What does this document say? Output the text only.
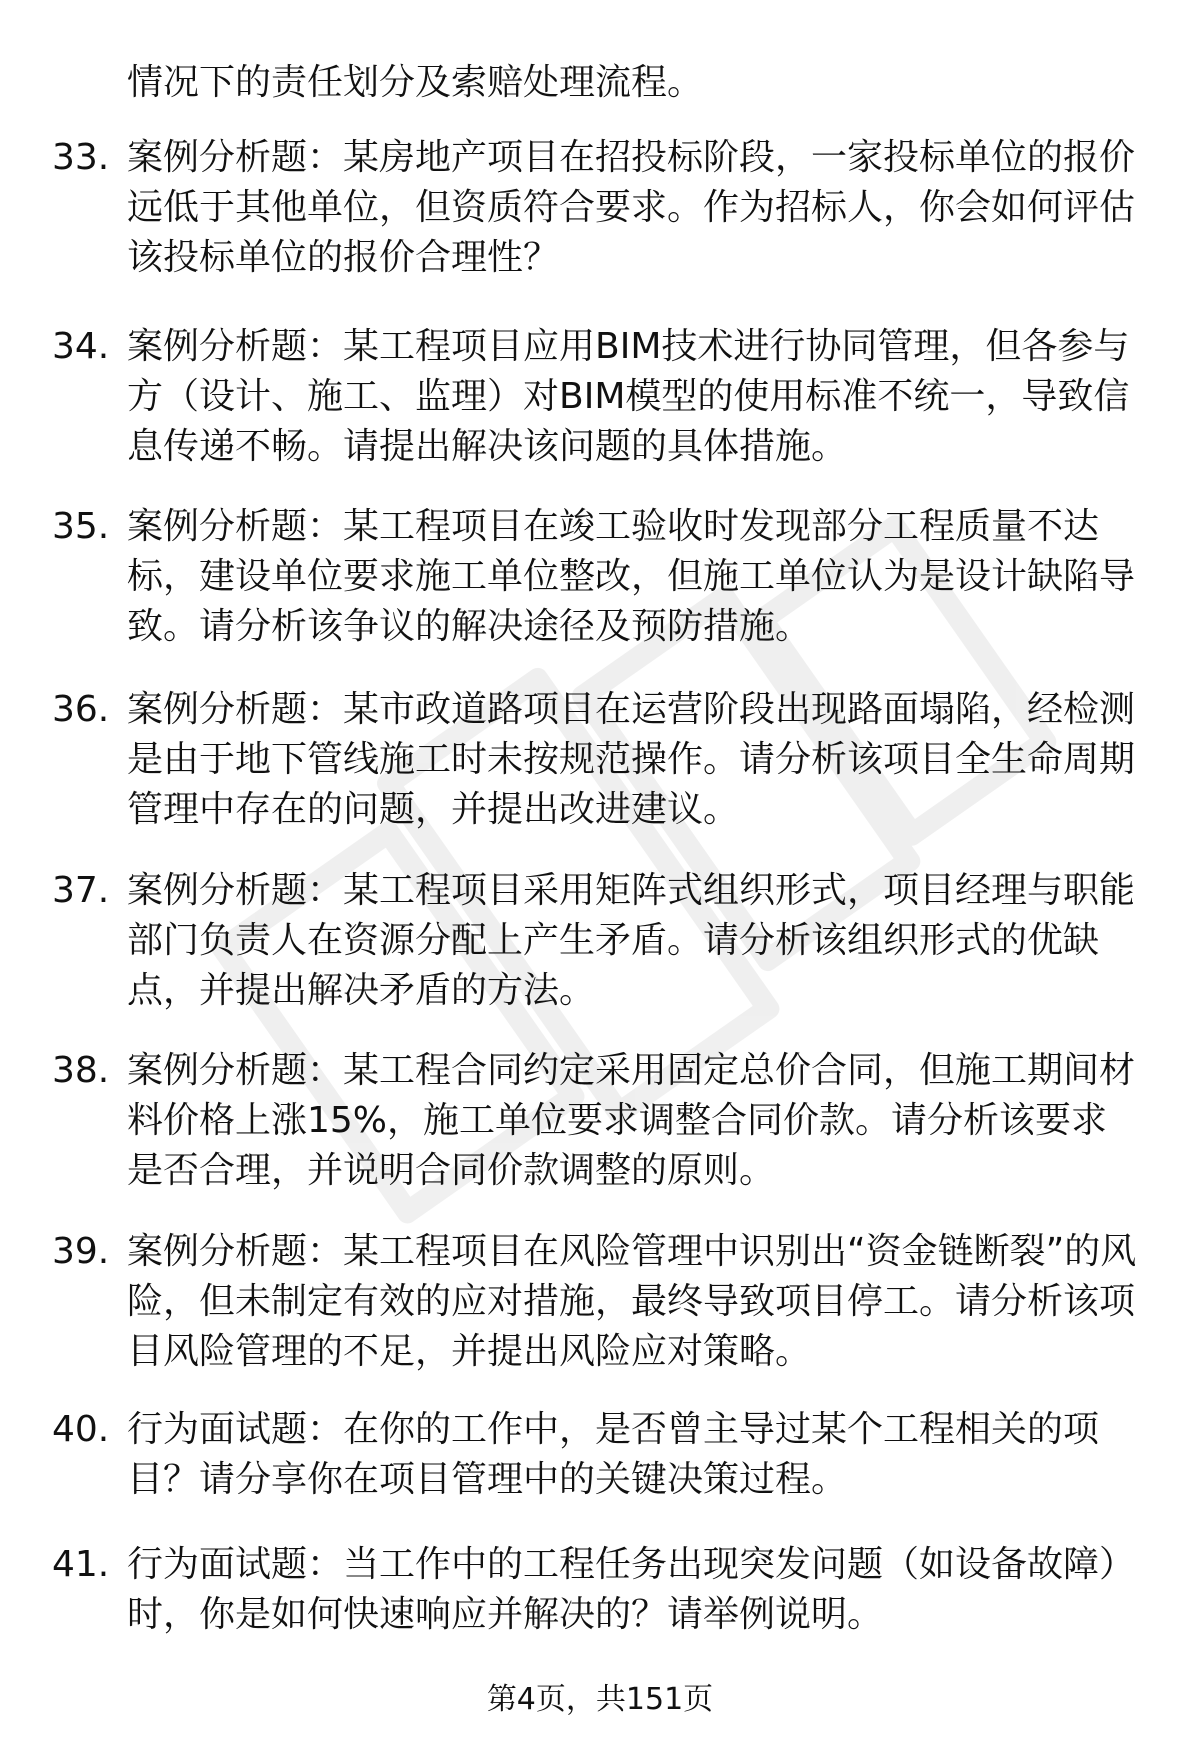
情况下的责任划分及索赔处理流程。
33. 案例分析题：某房地产项目在招投标阶段，一家投标单位的报价远低于其他单位，但资质符合要求。作为招标人，你会如何评估该投标单位的报价合理性？
34. 案例分析题：某工程项目应用BIM技术进行协同管理，但各参与方（设计、施工、监理）对BIM模型的使用标准不统一，导致信息传递不畅。请提出解决该问题的具体措施。
35. 案例分析题：某工程项目在竣工验收时发现部分工程质量不达标，建设单位要求施工单位整改，但施工单位认为是设计缺陷导致。请分析该争议的解决途径及预防措施。
36. 案例分析题：某市政道路项目在运营阶段出现路面塌陷，经检测是由于地下管线施工时未按规范操作。请分析该项目全生命周期管理中存在的问题，并提出改进建议。
37. 案例分析题：某工程项目采用矩阵式组织形式，项目经理与职能部门负责人在资源分配上产生矛盾。请分析该组织形式的优缺点，并提出解决矛盾的方法。
38. 案例分析题：某工程合同约定采用固定总价合同，但施工期间材料价格上涨15%，施工单位要求调整合同价款。请分析该要求是否合理，并说明合同价款调整的原则。
39. 案例分析题：某工程项目在风险管理中识别出“资金链断裂”的风险，但未制定有效的应对措施，最终导致项目停工。请分析该项目风险管理的不足，并提出风险应对策略。
40. 行为面试题：在你的工作中，是否曾主导过某个工程相关的项目？请分享你在项目管理中的关键决策过程。
41. 行为面试题：当工作中的工程任务出现突发问题（如设备故障）时，你是如何快速响应并解决的？请举例说明。
第4页，共151页
